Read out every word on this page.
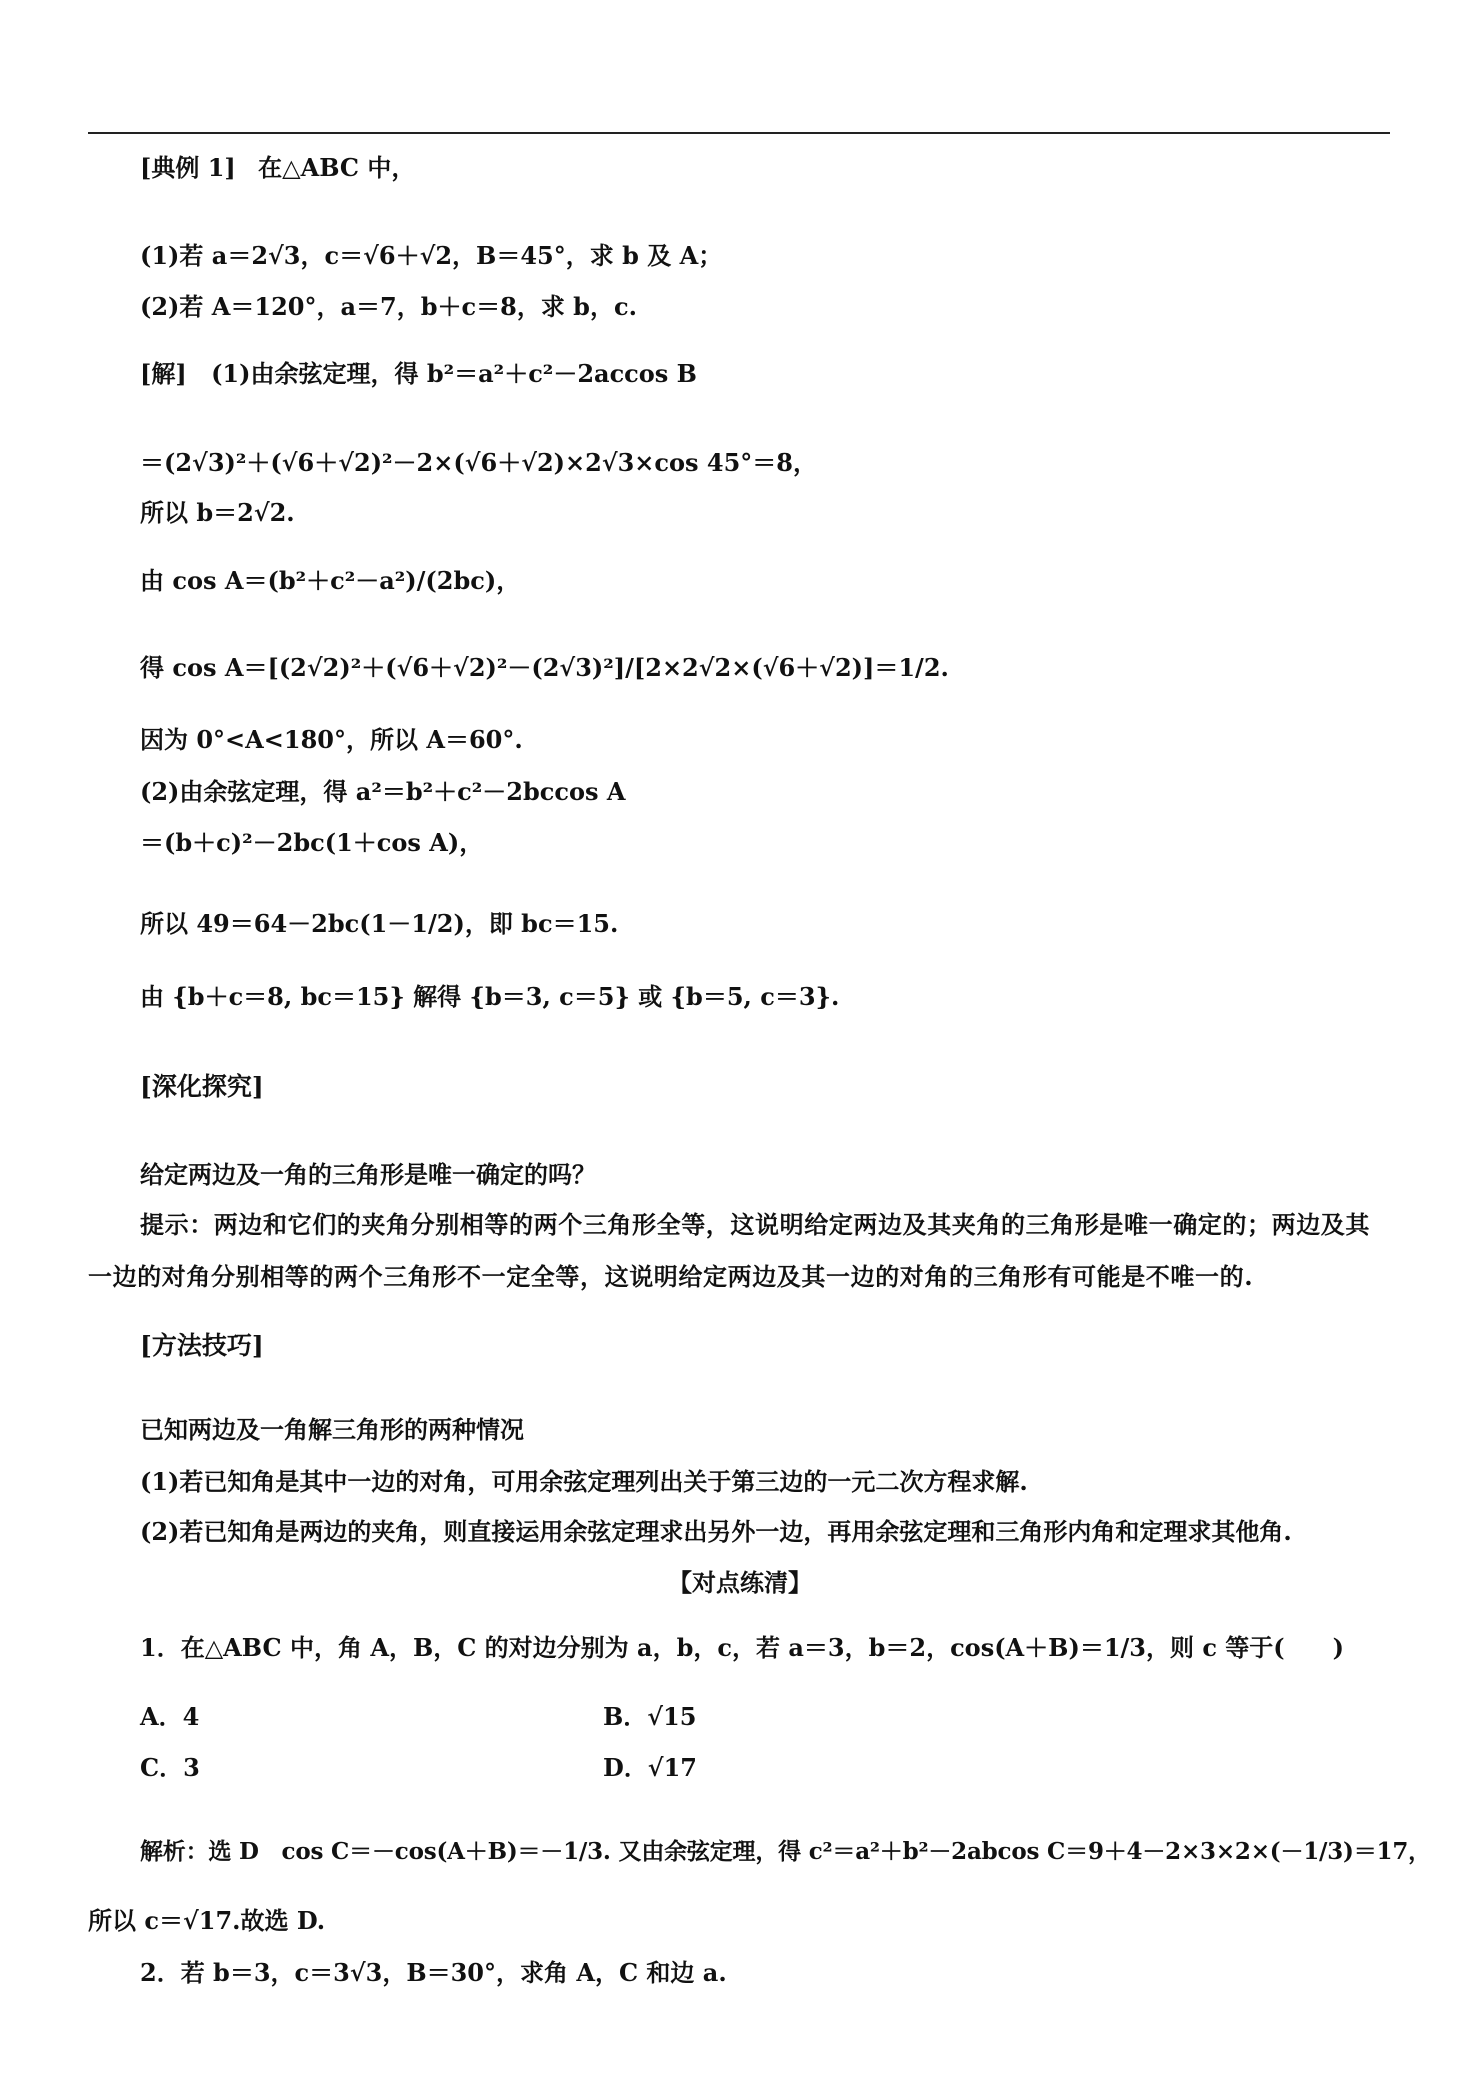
[典例 1] 在△ABC 中，
(1)若 a＝2√3，c＝√6＋√2，B＝45°，求 b 及 A；
(2)若 A＝120°，a＝7，b＋c＝8，求 b，c.
[解] (1)由余弦定理，得 b²＝a²＋c²－2accos B
＝(2√3)²＋(√6＋√2)²－2×(√6＋√2)×2√3×cos 45°＝8，
所以 b＝2√2.
由 cos A＝(b²＋c²－a²)/(2bc)，
得 cos A＝[(2√2)²＋(√6＋√2)²－(2√3)²]/[2×2√2×(√6＋√2)]＝1/2.
因为 0°<A<180°，所以 A＝60°.
(2)由余弦定理，得 a²＝b²＋c²－2bccos A
＝(b＋c)²－2bc(1＋cos A)，
所以 49＝64－2bc(1－1/2)，即 bc＝15.
由 {b＋c＝8, bc＝15} 解得 {b＝3, c＝5} 或 {b＝5, c＝3}.
[深化探究]
给定两边及一角的三角形是唯一确定的吗？
提示：两边和它们的夹角分别相等的两个三角形全等，这说明给定两边及其夹角的三角形是唯一确定的；两边及其一边的对角分别相等的两个三角形不一定全等，这说明给定两边及其一边的对角的三角形有可能是不唯一的.
[方法技巧]
已知两边及一角解三角形的两种情况
(1)若已知角是其中一边的对角，可用余弦定理列出关于第三边的一元二次方程求解.
(2)若已知角是两边的夹角，则直接运用余弦定理求出另外一边，再用余弦定理和三角形内角和定理求其他角.
【对点练清】
1．在△ABC 中，角 A，B，C 的对边分别为 a，b，c，若 a＝3，b＝2，cos(A＋B)＝1/3，则 c 等于(　　)
A．4	B．√15
C．3	D．√17
解析：选 D　cos C＝－cos(A＋B)＝－1/3. 又由余弦定理，得 c²＝a²＋b²－2abcos C＝9＋4－2×3×2×(－1/3)＝17，
所以 c＝√17.故选 D.
2．若 b＝3，c＝3√3，B＝30°，求角 A，C 和边 a.
